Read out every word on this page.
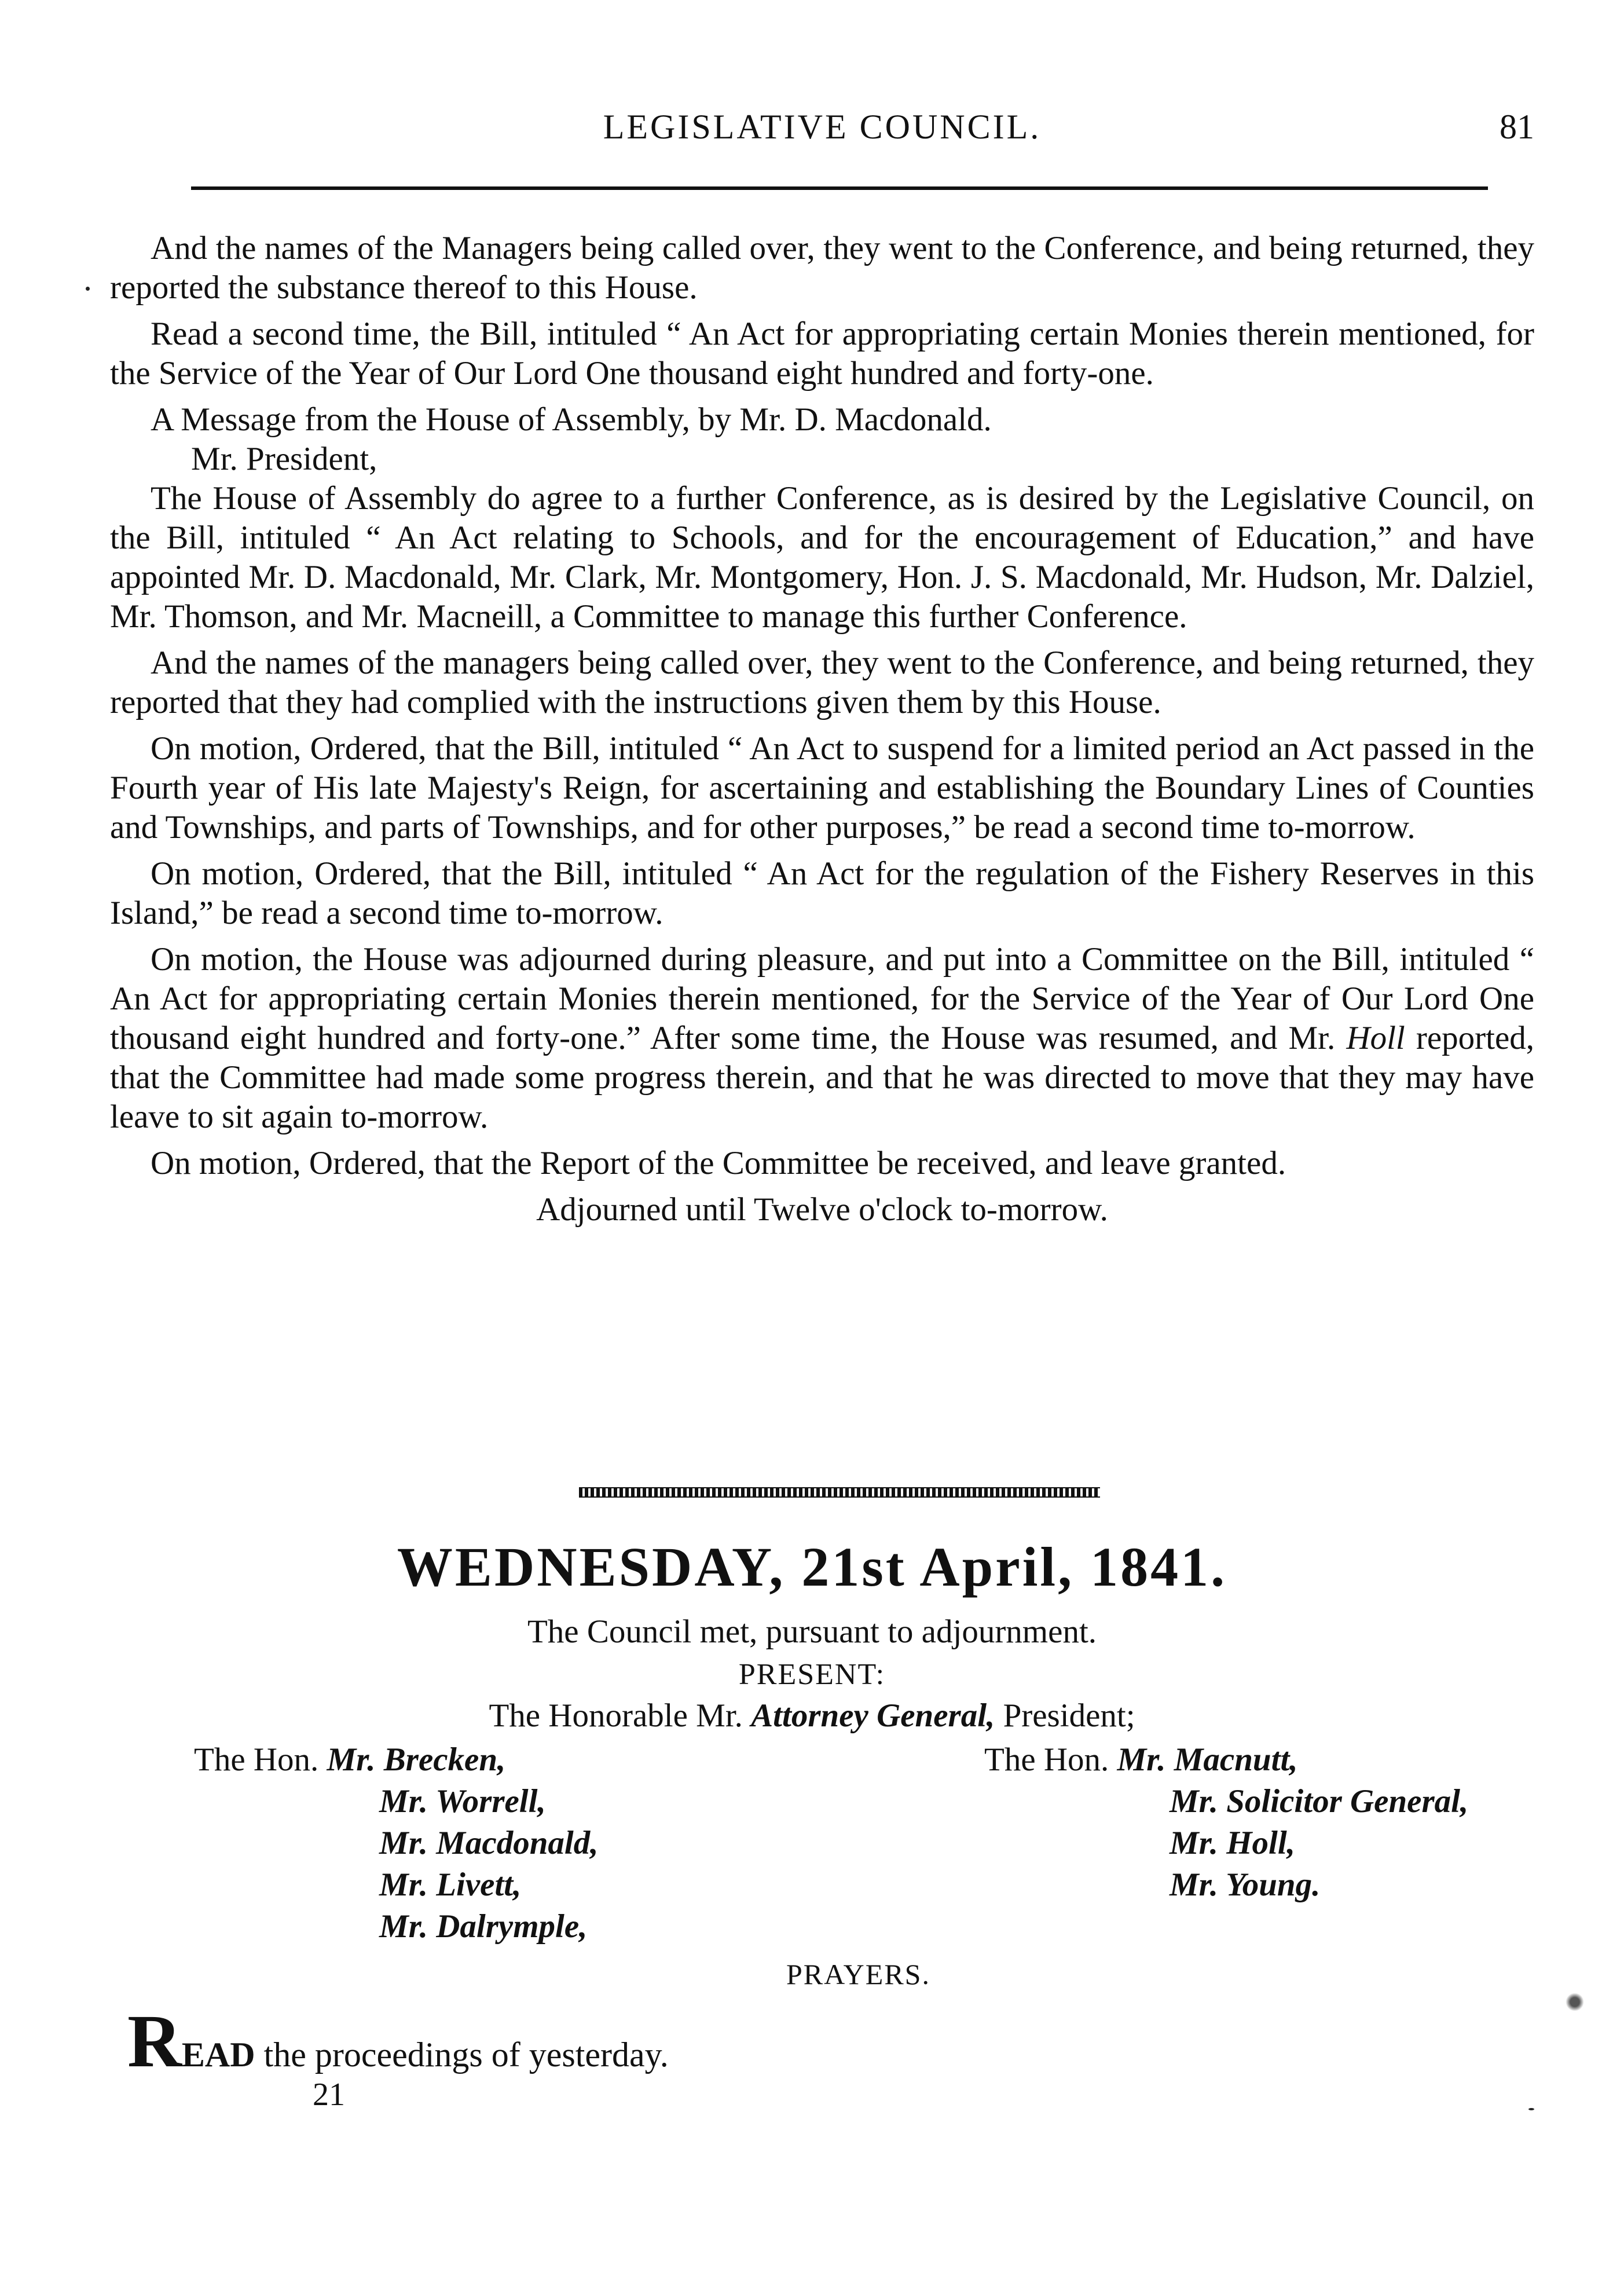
LEGISLATIVE COUNCIL.	81

And the names of the Managers being called over, they went to the Conference, and being returned, they reported the substance thereof to this House.

Read a second time, the Bill, intituled “ An Act for appropriating certain Monies therein mentioned, for the Service of the Year of Our Lord One thousand eight hundred and forty-one.

A Message from the House of Assembly, by Mr. D. Macdonald.

Mr. President,

The House of Assembly do agree to a further Conference, as is desired by the Legislative Council, on the Bill, intituled “ An Act relating to Schools, and for the encouragement of Education,” and have appointed Mr. D. Macdonald, Mr. Clark, Mr. Montgomery, Hon. J. S. Macdonald, Mr. Hudson, Mr. Dalziel, Mr. Thomson, and Mr. Macneill, a Committee to manage this further Conference.

And the names of the managers being called over, they went to the Conference, and being returned, they reported that they had complied with the instructions given them by this House.

On motion, Ordered, that the Bill, intituled “ An Act to suspend for a limited period an Act passed in the Fourth year of His late Majesty's Reign, for ascertaining and establishing the Boundary Lines of Counties and Townships, and parts of Townships, and for other purposes,” be read a second time to-morrow.

On motion, Ordered, that the Bill, intituled “ An Act for the regulation of the Fishery Reserves in this Island,” be read a second time to-morrow.

On motion, the House was adjourned during pleasure, and put into a Committee on the Bill, intituled “ An Act for appropriating certain Monies therein mentioned, for the Service of the Year of Our Lord One thousand eight hundred and forty-one.” After some time, the House was resumed, and Mr. Holl reported, that the Committee had made some progress therein, and that he was directed to move that they may have leave to sit again to-morrow.

On motion, Ordered, that the Report of the Committee be received, and leave granted.

Adjourned until Twelve o'clock to-morrow.
WEDNESDAY, 21st April, 1841.
The Council met, pursuant to adjournment.
PRESENT:
The Honorable Mr. Attorney General, President;
The Hon. Mr. Brecken,
Mr. Worrell,
Mr. Macdonald,
Mr. Livett,
Mr. Dalrymple,
The Hon. Mr. Macnutt,
Mr. Solicitor General,
Mr. Holl,
Mr. Young.
PRAYERS.
READ the proceedings of yesterday.
21
